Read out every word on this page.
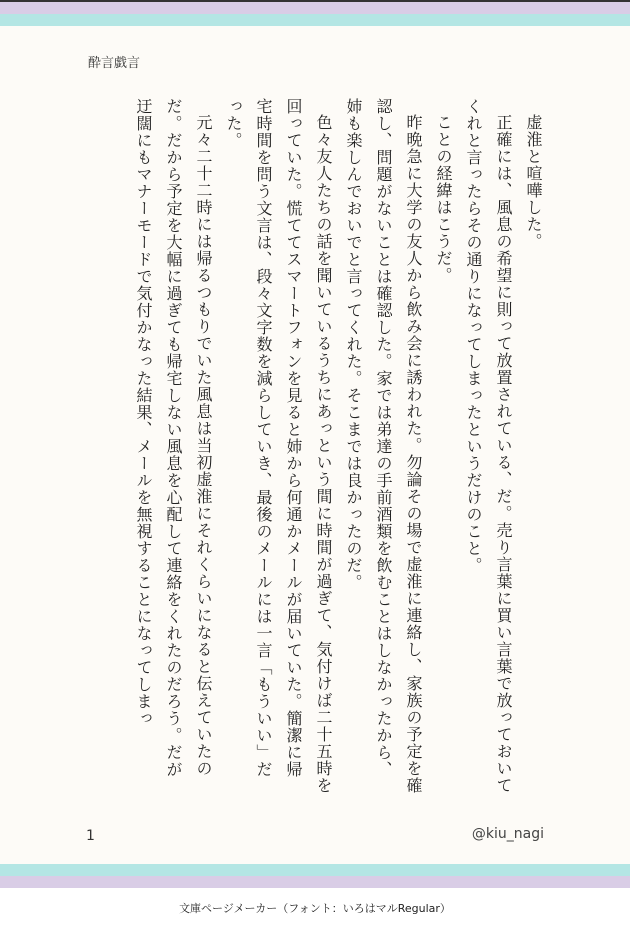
酔言戯言

虚淮と喧嘩した。

正確には、風息の希望に則って放置されている、だ。売り言葉に買い言葉で放っておいてくれと言ったらその通りになってしまったというだけのこと。

ことの経緯はこうだ。

昨晩急に大学の友人から飲み会に誘われた。勿論その場で虚淮に連絡し、家族の予定を確認し、問題がないことは確認した。家では弟達の手前酒類を飲むことはしなかったから、姉も楽しんでおいでと言ってくれた。そこまでは良かったのだ。

色々友人たちの話を聞いているうちにあっという間に時間が過ぎて、気付けば二十五時を回っていた。慌ててスマートフォンを見ると姉から何通かメールが届いていた。簡潔に帰宅時間を問う文言は、段々文字数を減らしていき、最後のメールには一言「もういい」だった。

元々二十二時には帰るつもりでいた風息は当初虚淮にそれくらいになると伝えていたのだ。だから予定を大幅に過ぎても帰宅しない風息を心配して連絡をくれたのだろう。だが迂闊にもマナーモードで気付かなった結果、メールを無視することになってしまっ

1	@kiu_nagi
文庫ページメーカー（フォント：いろはマルRegular）
